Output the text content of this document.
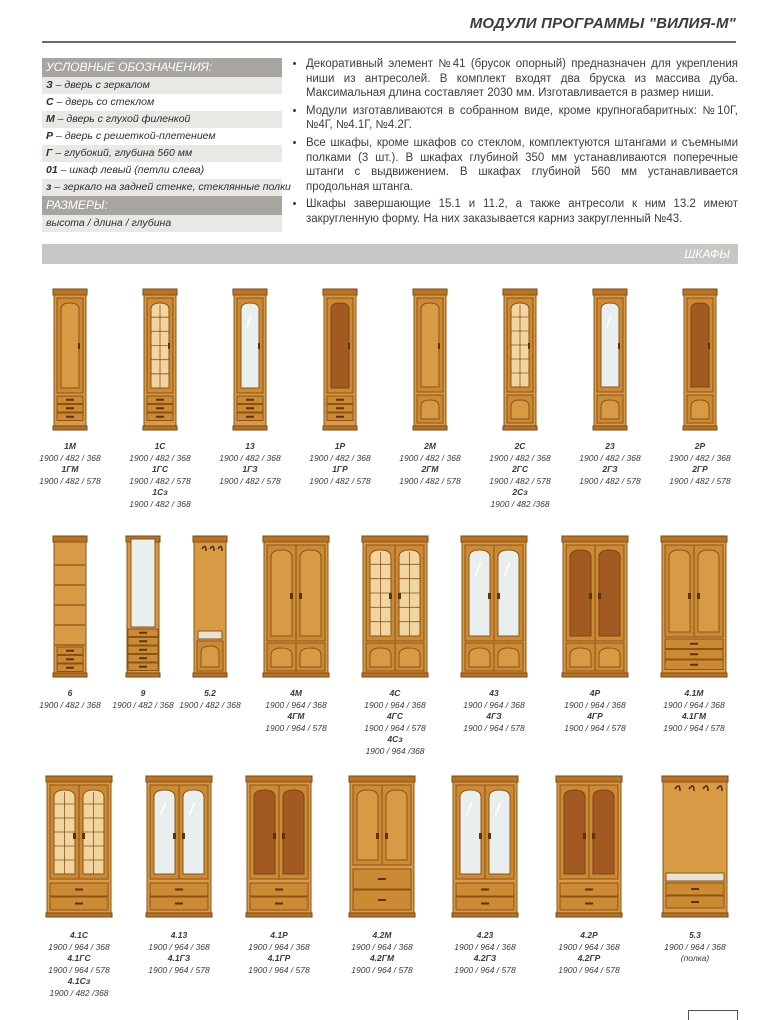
МОДУЛИ ПРОГРАММЫ "ВИЛИЯ-М"
УСЛОВНЫЕ ОБОЗНАЧЕНИЯ:
З – дверь с зеркалом
С – дверь со стеклом
М – дверь с глухой филенкой
Р – дверь с решеткой-плетением
Г – глубокий, глубина 560 мм
01 – шкаф левый (петли слева)
з – зеркало на задней стенке, стеклянные полки
РАЗМЕРЫ:
высота / длина / глубина
• Декоративный элемент №41 (брусок опорный) предназначен для укрепления ниши из антресолей. В комплект входят два бруска из массива дуба. Максимальная длина составляет 2030 мм. Изготавливается в размер ниши.
• Модули изготавливаются в собранном виде, кроме крупногабаритных: №10Г, №4Г, №4.1Г, №4.2Г.
• Все шкафы, кроме шкафов со стеклом, комплектуются штангами и съемными полками (3 шт.). В шкафах глубиной 350 мм устанавливаются поперечные штанги с выдвижением. В шкафах глубиной 560 мм устанавливается продольная штанга.
• Шкафы завершающие 15.1 и 11.2, а также антресоли к ним 13.2 имеют закругленную форму. На них заказывается карниз закругленный №43.
ШКАФЫ
1М
1900 / 482 / 368
1ГМ
1900 / 482 / 578
1С
1900 / 482 / 368
1ГС
1900 / 482 / 578
1Сз
1900 / 482 / 368
13
1900 / 482 / 368
1ГЗ
1900 / 482 / 578
1Р
1900 / 482 / 368
1ГР
1900 / 482 / 578
2М
1900 / 482 / 368
2ГМ
1900 / 482 / 578
2С
1900 / 482 / 368
2ГС
1900 / 482 / 578
2Сз
1900 / 482 /368
23
1900 / 482 / 368
2ГЗ
1900 / 482 / 578
2Р
1900 / 482 / 368
2ГР
1900 / 482 / 578
6
1900 / 482 / 368
9
1900 / 482 / 368
5.2
1900 / 482 / 368
4М
1900 / 964 / 368
4ГМ
1900 / 964 / 578
4С
1900 / 964 / 368
4ГС
1900 / 964 / 578
4Сз
1900 / 964 /368
43
1900 / 964 / 368
4ГЗ
1900 / 964 / 578
4Р
1900 / 964 / 368
4ГР
1900 / 964 / 578
4.1М
1900 / 964 / 368
4.1ГМ
1900 / 964 / 578
4.1С
1900 / 964 / 368
4.1ГС
1900 / 964 / 578
4.1Сз
1900 / 482 /368
4.13
1900 / 964 / 368
4.1ГЗ
1900 / 964 / 578
4.1Р
1900 / 964 / 368
4.1ГР
1900 / 964 / 578
4.2М
1900 / 964 / 368
4.2ГМ
1900 / 964 / 578
4.23
1900 / 964 / 368
4.2ГЗ
1900 / 964 / 578
4.2Р
1900 / 964 / 368
4.2ГР
1900 / 964 / 578
5.3
1900 / 964 / 368
(полка)
